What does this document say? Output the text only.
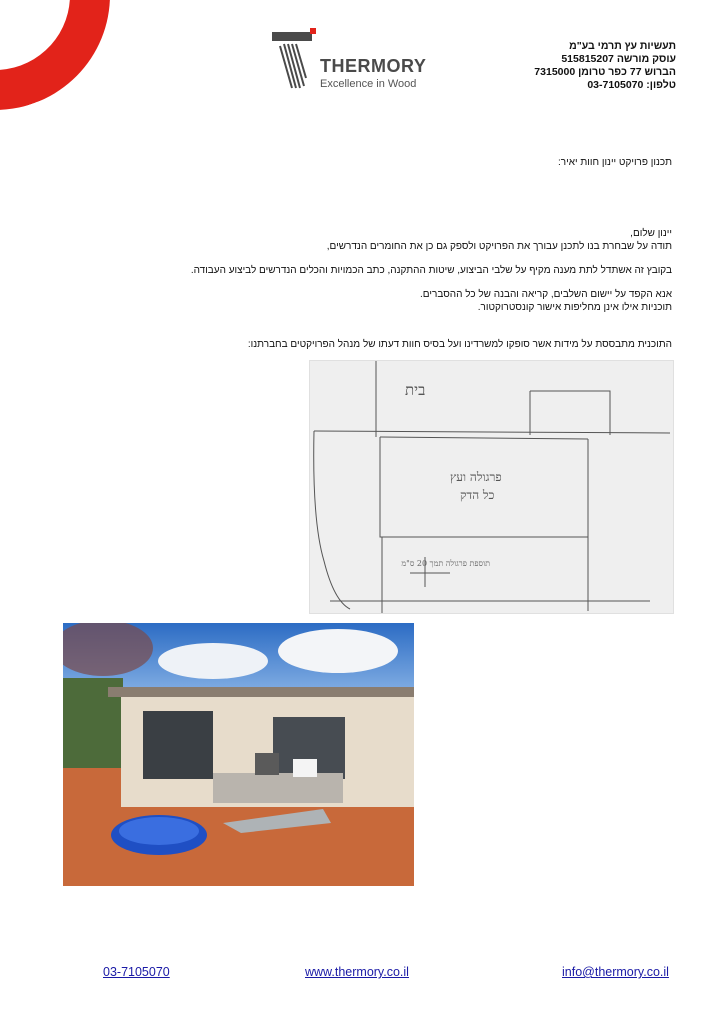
THERMORY
Excellence in Wood
תעשיות עץ תרמי בע"מ
עוסק מורשה 515815207
הברוש 77 כפר טרומן 7315000
טלפון: 03-7105070
תכנון פרויקט יינון חוות יאיר:
יינון שלום,
תודה על שבחרת בנו לתכנן עבורך את הפרויקט ולספק גם כן את החומרים הנדרשים,
בקובץ זה אשתדל לתת מענה מקיף על שלבי הביצוע, שיטות ההתקנה, כתב הכמויות והכלים הנדרשים לביצוע העבודה.
אנא הקפד על יישום השלבים, קריאה והבנה של כל ההסברים.
תוכניות אילו אינן מחליפות אישור קונסטרוקטור.
התוכנית מתבססת על מידות אשר סופקו למשרדינו ועל בסיס חוות דעתו של מנהל הפרויקטים בחברתנו:
בית
פרגולה ועץ
כל הדק
תוספת פרגולה תמך 20 ס"מ
03-7105070	www.thermory.co.il	info@thermory.co.il
